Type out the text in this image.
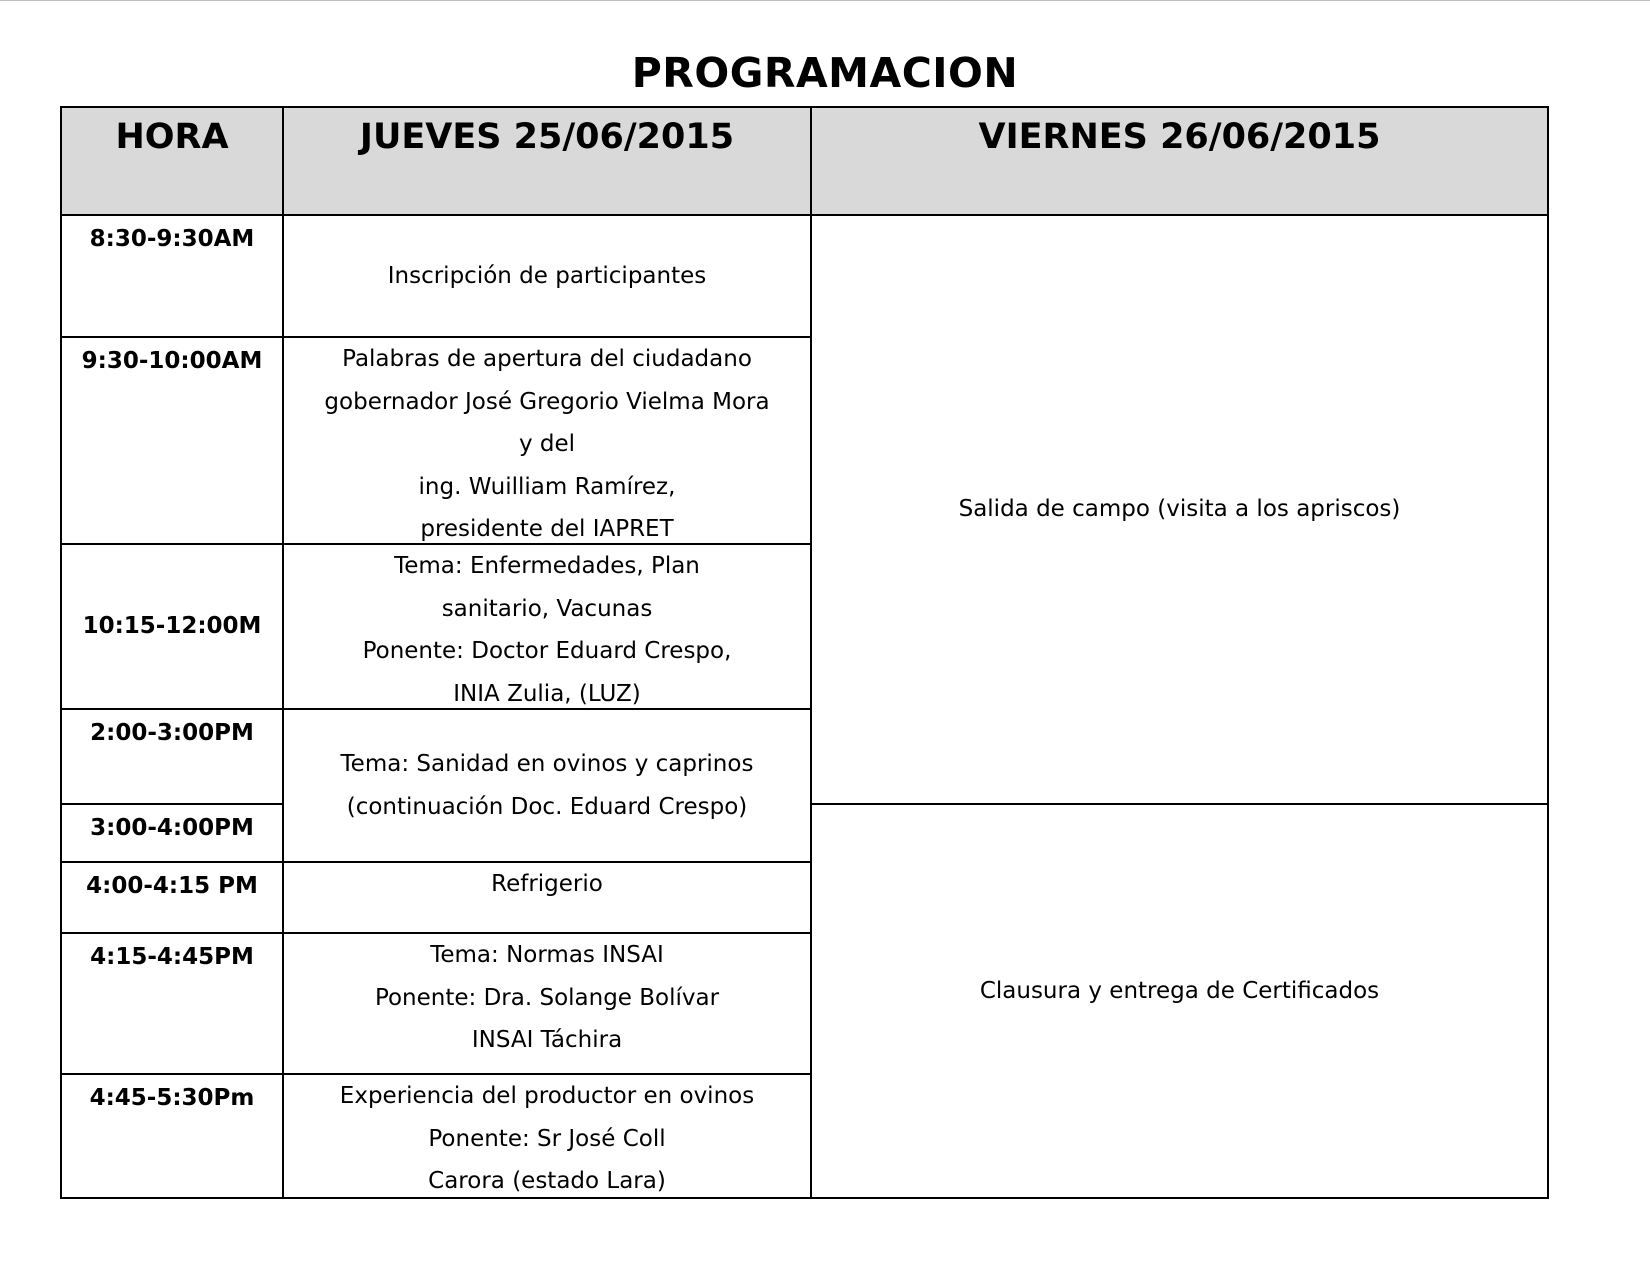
PROGRAMACION
HORA	JUEVES 25/06/2015	VIERNES 26/06/2015
8:30-9:30AM
9:30-10:00AM
10:15-12:00M
2:00-3:00PM
3:00-4:00PM
4:00-4:15 PM
4:15-4:45PM
4:45-5:30Pm
Inscripción de participantes
Palabras de apertura del ciudadano
gobernador José Gregorio Vielma Mora
y del
ing. Wuilliam Ramírez,
presidente del IAPRET
Tema: Enfermedades, Plan
sanitario, Vacunas
Ponente: Doctor Eduard Crespo,
INIA Zulia, (LUZ)
Tema: Sanidad en ovinos y caprinos
(continuación Doc. Eduard Crespo)
Refrigerio
Tema: Normas INSAI
Ponente: Dra. Solange Bolívar
INSAI Táchira
Experiencia del productor en ovinos
Ponente: Sr José Coll
Carora (estado Lara)
Salida de campo (visita a los apriscos)
Clausura y entrega de Certificados
